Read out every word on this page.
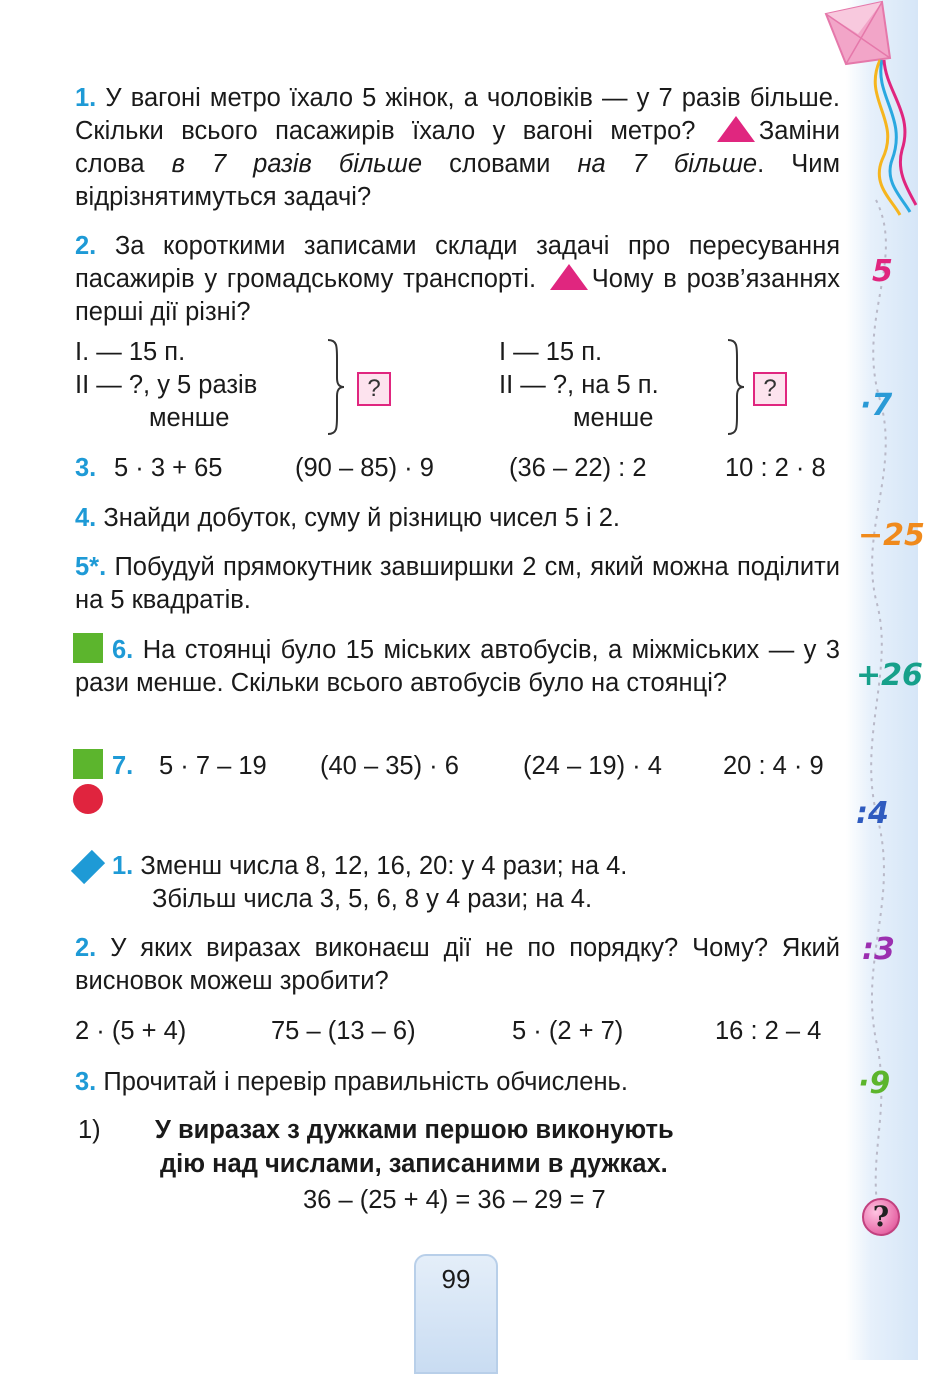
5
·7
−25
+26
:4
:3
·9
?

1. У вагоні метро їхало 5 жінок, а чоловіків — у 7 разів більше. Скільки всього пасажирів їхало у вагоні метро? Заміни слова в 7 разів більше словами на 7 більше. Чим відрізнятимуться задачі?

2. За короткими записами склади задачі про пересування пасажирів у громадському транспорті. Чому в розв’язаннях перші дії різні?

I. — 15 п.
II — ?, у 5 разів
менше
?
I — 15 п.
II — ?, на 5 п.
менше
?
3. 5 · 3 + 65	(90 – 85) · 9	(36 – 22) : 2	10 : 2 · 8
4. Знайди добуток, суму й різницю чисел 5 і 2.

5*. Побудуй прямокутник завширшки 2 см, який можна поділити на 5 квадратів.

6. На стоянці було 15 міських автобусів, а міжміських — у 3 рази менше. Скільки всього автобусів було на стоянці?

7. 5 · 7 – 19 (40 – 35) · 6	(24 – 19) · 4 20 : 4 · 9
1. Зменш числа 8, 12, 16, 20: у 4 рази; на 4.
Збільш числа 3, 5, 6, 8 у 4 рази; на 4.

2. У яких виразах виконаєш дії не по порядку? Чому? Який висновок можеш зробити?

2 · (5 + 4)	75 – (13 – 6)	5 · (2 + 7)	16 : 2 – 4
3. Прочитай і перевір правильність обчислень.
1) У виразах з дужками першою виконують
дію над числами, записаними в дужках.
36 – (25 + 4) = 36 – 29 = 7
99
